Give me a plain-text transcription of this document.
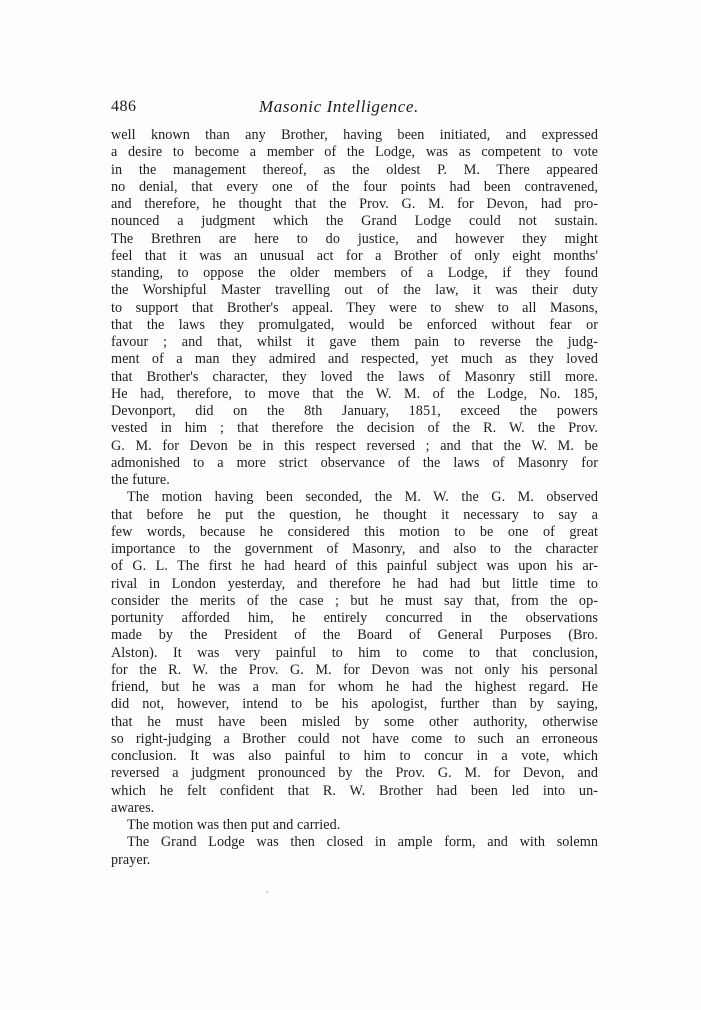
486	Masonic Intelligence.
well known than any Brother, having been initiated, and expressed
a desire to become a member of the Lodge, was as competent to vote
in the management thereof, as the oldest P. M. There appeared
no denial, that every one of the four points had been contravened,
and therefore, he thought that the Prov. G. M. for Devon, had pro-
nounced a judgment which the Grand Lodge could not sustain.
The Brethren are here to do justice, and however they might
feel that it was an unusual act for a Brother of only eight months'
standing, to oppose the older members of a Lodge, if they found
the Worshipful Master travelling out of the law, it was their duty
to support that Brother's appeal. They were to shew to all Masons,
that the laws they promulgated, would be enforced without fear or
favour ; and that, whilst it gave them pain to reverse the judg-
ment of a man they admired and respected, yet much as they loved
that Brother's character, they loved the laws of Masonry still more.
He had, therefore, to move that the W. M. of the Lodge, No. 185,
Devonport, did on the 8th January, 1851, exceed the powers
vested in him ; that therefore the decision of the R. W. the Prov.
G. M. for Devon be in this respect reversed ; and that the W. M. be
admonished to a more strict observance of the laws of Masonry for
the future.
The motion having been seconded, the M. W. the G. M. observed
that before he put the question, he thought it necessary to say a
few words, because he considered this motion to be one of great
importance to the government of Masonry, and also to the character
of G. L. The first he had heard of this painful subject was upon his ar-
rival in London yesterday, and therefore he had had but little time to
consider the merits of the case ; but he must say that, from the op-
portunity afforded him, he entirely concurred in the observations
made by the President of the Board of General Purposes (Bro.
Alston). It was very painful to him to come to that conclusion,
for the R. W. the Prov. G. M. for Devon was not only his personal
friend, but he was a man for whom he had the highest regard. He
did not, however, intend to be his apologist, further than by saying,
that he must have been misled by some other authority, otherwise
so right-judging a Brother could not have come to such an erroneous
conclusion. It was also painful to him to concur in a vote, which
reversed a judgment pronounced by the Prov. G. M. for Devon, and
which he felt confident that R. W. Brother had been led into un-
awares.
The motion was then put and carried.
The Grand Lodge was then closed in ample form, and with solemn
prayer.
